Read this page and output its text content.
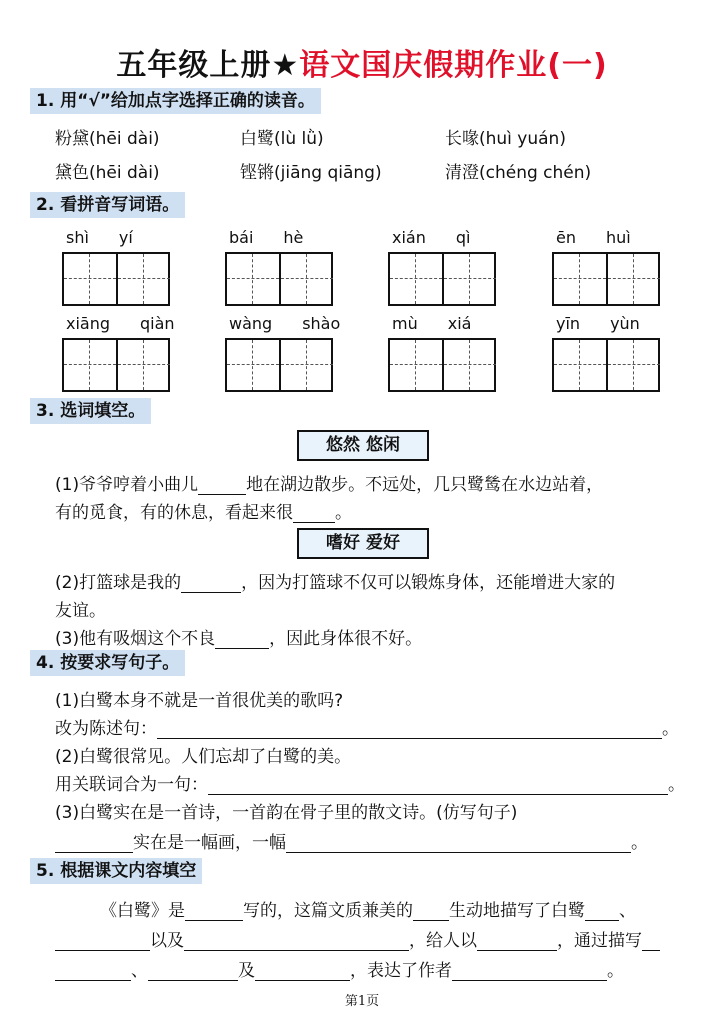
五年级上册★语文国庆假期作业(一)
1. 用“√”给加点字选择正确的读音。
粉黛(hēi dài)	白鹭(lù lǜ)	长喙(huì yuán)
黛色(hēi dài)	铿锵(jiāng qiāng)	清澄(chéng chén)
2. 看拼音写词语。
shì yí	bái hè	xián qì	ēn huì
xiāng qiàn	wàng shào	mù xiá	yīn yùn
3. 选词填空。
悠然 悠闲
(1)爷爷哼着小曲儿	地在湖边散步。不远处，几只鹭鸶在水边站着，
有的觅食，有的休息，看起来很 。
嗜好 爱好
(2)打篮球是我的	，因为打篮球不仅可以锻炼身体，还能增进大家的
友谊。
(3)他有吸烟这个不良	，因此身体很不好。
4. 按要求写句子。
(1)白鹭本身不就是一首很优美的歌吗?
改为陈述句：	。
(2)白鹭很常见。人们忘却了白鹭的美。
用关联词合为一句：	。
(3)白鹭实在是一首诗，一首韵在骨子里的散文诗。(仿写句子)
实在是一幅画，一幅	。
5. 根据课文内容填空
《白鹭》是	写的，这篇文质兼美的 生动地描写了白鹭 、
以及	，给人以	，通过描写
、	及	，表达了作者	。
第1页
